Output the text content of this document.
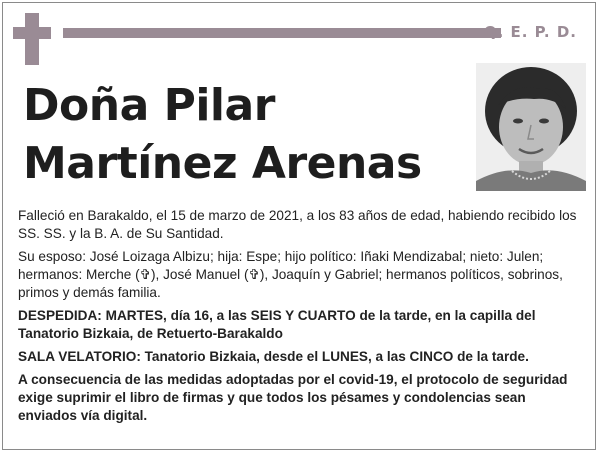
Q. E. P. D.
Doña Pilar
Martínez Arenas

Falleció en Barakaldo, el 15 de marzo de 2021, a los 83 años de edad, habiendo recibido los SS. SS. y la B. A. de Su Santidad.

Su esposo: José Loizaga Albizu; hija: Espe; hijo político: Iñaki Mendizabal; nieto: Julen; hermanos: Merche (✞), José Manuel (✞), Joaquín y Gabriel; hermanos políticos, sobrinos, primos y demás familia.

DESPEDIDA: MARTES, día 16, a las SEIS Y CUARTO de la tarde, en la capilla del Tanatorio Bizkaia, de Retuerto-Barakaldo

SALA VELATORIO: Tanatorio Bizkaia, desde el LUNES, a las CINCO de la tarde.

A consecuencia de las medidas adoptadas por el covid-19, el protocolo de seguridad exige suprimir el libro de firmas y que todos los pésames y condolencias sean enviados vía digital.
